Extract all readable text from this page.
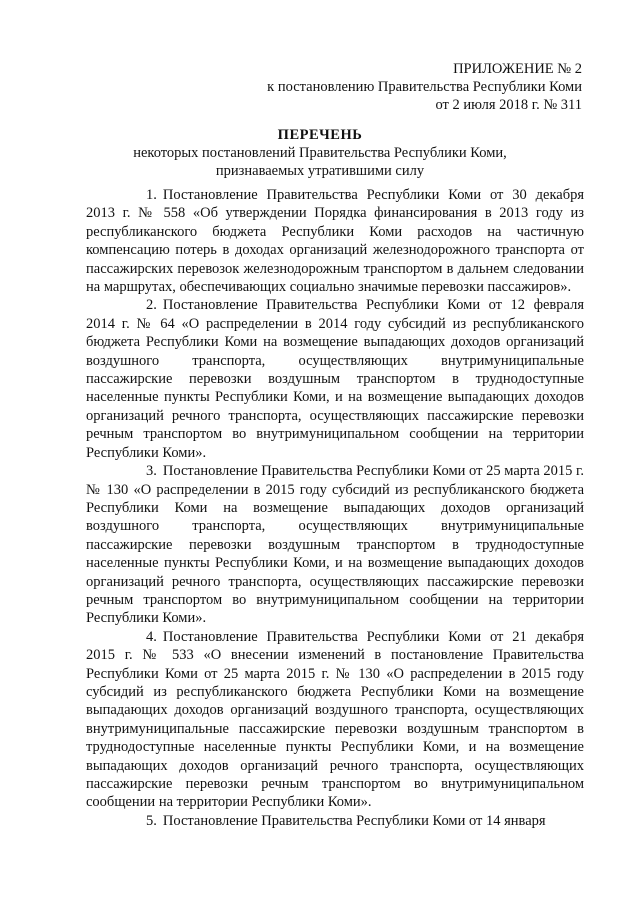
ПРИЛОЖЕНИЕ № 2
к постановлению Правительства Республики Коми
от 2 июля 2018 г. № 311
ПЕРЕЧЕНЬ
некоторых постановлений Правительства Республики Коми,
признаваемых утратившими силу

1. Постановление Правительства Республики Коми от 30 декабря 2013 г. № 558 «Об утверждении Порядка финансирования в 2013 году из республиканского бюджета Республики Коми расходов на частичную компенсацию потерь в доходах организаций железнодорожного транспорта от пассажирских перевозок железнодорожным транспортом в дальнем следовании на маршрутах, обеспечивающих социально значимые перевозки пассажиров».

2. Постановление Правительства Республики Коми от 12 февраля 2014 г. № 64 «О распределении в 2014 году субсидий из республиканского бюджета Республики Коми на возмещение выпадающих доходов организаций воздушного транспорта, осуществляющих внутримуниципальные пассажирские перевозки воздушным транспортом в труднодоступные населенные пункты Республики Коми, и на возмещение выпадающих доходов организаций речного транспорта, осуществляющих пассажирские перевозки речным транспортом во внутримуниципальном сообщении на территории Республики Коми».

3. Постановление Правительства Республики Коми от 25 марта 2015 г. № 130 «О распределении в 2015 году субсидий из республиканского бюджета Республики Коми на возмещение выпадающих доходов организаций воздушного транспорта, осуществляющих внутримуниципальные пассажирские перевозки воздушным транспортом в труднодоступные населенные пункты Республики Коми, и на возмещение выпадающих доходов организаций речного транспорта, осуществляющих пассажирские перевозки речным транспортом во внутримуниципальном сообщении на территории Республики Коми».

4. Постановление Правительства Республики Коми от 21 декабря 2015 г. № 533 «О внесении изменений в постановление Правительства Республики Коми от 25 марта 2015 г. № 130 «О распределении в 2015 году субсидий из республиканского бюджета Республики Коми на возмещение выпадающих доходов организаций воздушного транспорта, осуществляющих внутримуниципальные пассажирские перевозки воздушным транспортом в труднодоступные населенные пункты Республики Коми, и на возмещение выпадающих доходов организаций речного транспорта, осуществляющих пассажирские перевозки речным транспортом во внутримуниципальном сообщении на территории Республики Коми».

5. Постановление Правительства Республики Коми от 14 января
